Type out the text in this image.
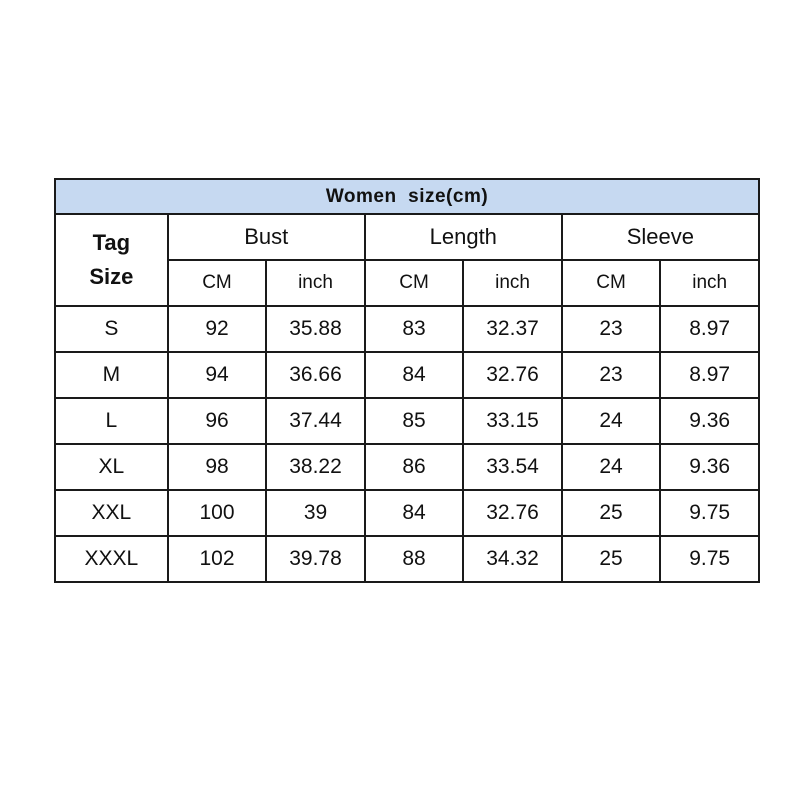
Women  size(cm)						

Tag
Size	Bust		Length		Sleeve	
	CM	inch	CM	inch	CM	inch
S	92	35.88	83	32.37	23	8.97
M	94	36.66	84	32.76	23	8.97
L	96	37.44	85	33.15	24	9.36
XL	98	38.22	86	33.54	24	9.36
XXL	100	39	84	32.76	25	9.75
XXXL	102	39.78	88	34.32	25	9.75
